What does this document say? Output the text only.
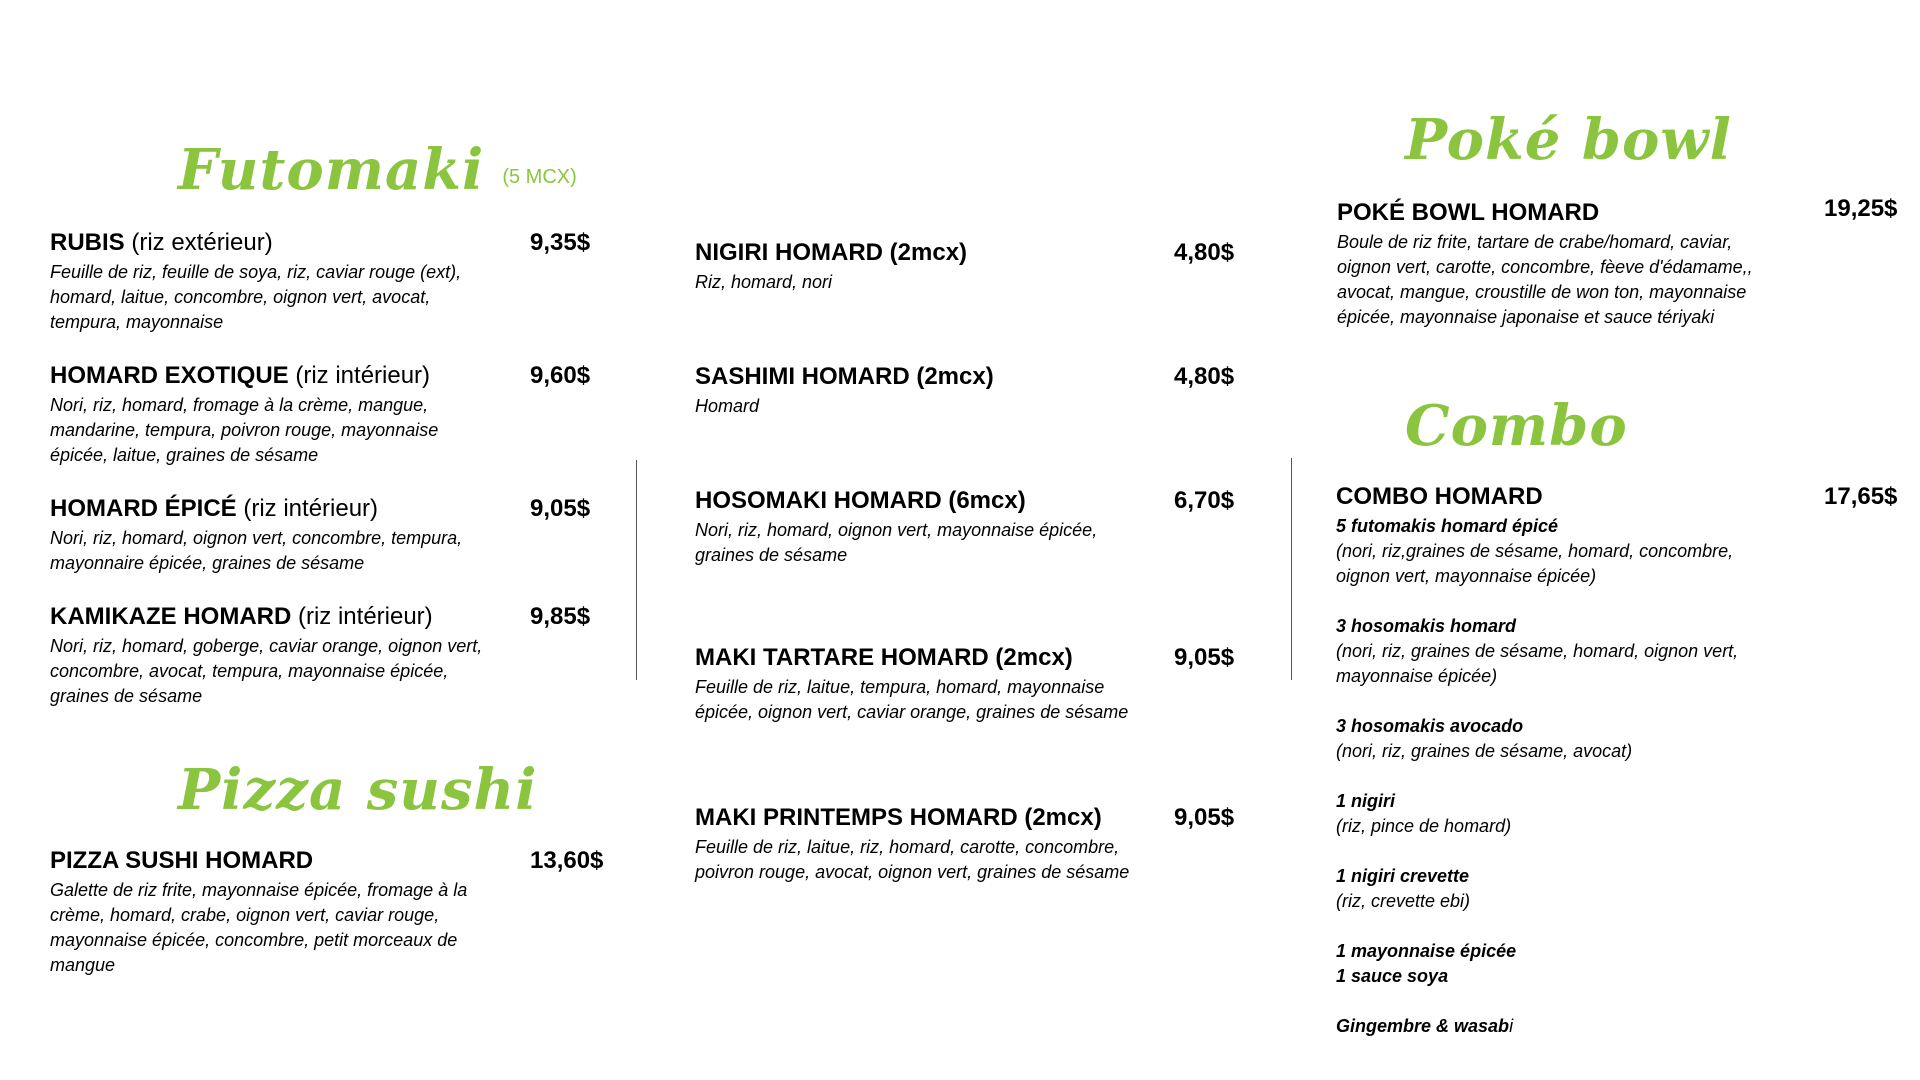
Futomaki (5 MCX)
RUBIS (riz extérieur)
Feuille de riz, feuille de soya, riz, caviar rouge (ext), homard, laitue, concombre, oignon vert, avocat, tempura, mayonnaise
9,35$
HOMARD EXOTIQUE (riz intérieur)
Nori, riz, homard, fromage à la crème, mangue, mandarine, tempura, poivron rouge, mayonnaise épicée, laitue, graines de sésame
9,60$
HOMARD ÉPICÉ (riz intérieur)
Nori, riz, homard, oignon vert, concombre, tempura, mayonnaire épicée, graines de sésame
9,05$
KAMIKAZE HOMARD (riz intérieur)
Nori, riz, homard, goberge, caviar orange, oignon vert, concombre, avocat, tempura, mayonnaise épicée, graines de sésame
9,85$
Pizza sushi
PIZZA SUSHI HOMARD
Galette de riz frite, mayonnaise épicée, fromage à la crème, homard, crabe, oignon vert, caviar rouge, mayonnaise épicée, concombre, petit morceaux de mangue
13,60$
NIGIRI HOMARD (2mcx)
Riz, homard, nori
4,80$
SASHIMI HOMARD (2mcx)
Homard
4,80$
HOSOMAKI HOMARD (6mcx)
Nori, riz, homard, oignon vert, mayonnaise épicée, graines de sésame
6,70$
MAKI TARTARE HOMARD (2mcx)
Feuille de riz, laitue, tempura, homard, mayonnaise épicée, oignon vert, caviar orange, graines de sésame
9,05$
MAKI PRINTEMPS HOMARD (2mcx)
Feuille de riz, laitue, riz, homard, carotte, concombre, poivron rouge, avocat, oignon vert, graines de sésame
9,05$
Poké bowl
POKÉ BOWL HOMARD
Boule de riz frite, tartare de crabe/homard, caviar, oignon vert, carotte, concombre, fèeve d'édamame,, avocat, mangue, croustille de won ton, mayonnaise épicée, mayonnaise japonaise et sauce tériyaki
19,25$
Combo
COMBO HOMARD
5 futomakis homard épicé
(nori, riz,graines de sésame, homard, concombre, oignon vert, mayonnaise épicée)
3 hosomakis homard
(nori, riz, graines de sésame, homard, oignon vert, mayonnaise épicée)
3 hosomakis avocado
(nori, riz, graines de sésame, avocat)
1 nigiri
(riz, pince de homard)
1 nigiri crevette
(riz, crevette ebi)
1 mayonnaise épicée
1 sauce soya
Gingembre & wasabi
17,65$
